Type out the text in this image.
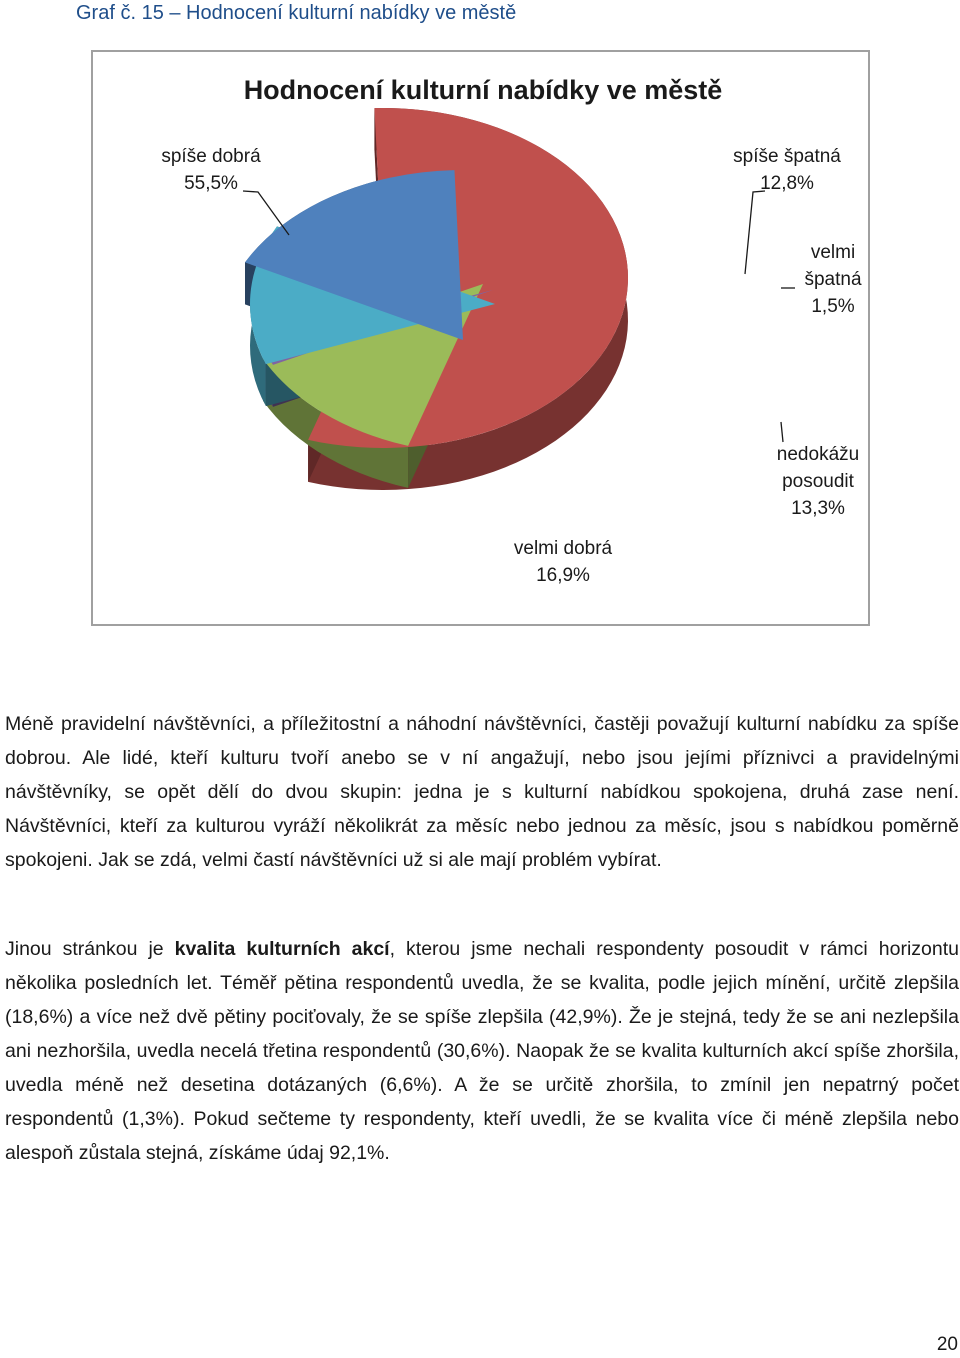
Graf č. 15 – Hodnocení kulturní nabídky ve městě
Hodnocení kulturní nabídky ve městě
spíše dobrá
55,5%
spíše špatná
12,8%
velmi
špatná
1,5%
nedokážu
posoudit
13,3%
velmi dobrá
16,9%

Méně pravidelní návštěvníci, a příležitostní a náhodní návštěvníci, častěji považují kulturní nabídku za spíše dobrou. Ale lidé, kteří kulturu tvoří anebo se v ní angažují, nebo jsou jejími příznivci a pravidelnými návštěvníky, se opět dělí do dvou skupin: jedna je s kulturní nabídkou spokojena, druhá zase není. Návštěvníci, kteří za kulturou vyráží několikrát za měsíc nebo jednou za měsíc, jsou s nabídkou poměrně spokojeni. Jak se zdá, velmi častí návštěvníci už si ale mají problém vybírat.

Jinou stránkou je kvalita kulturních akcí, kterou jsme nechali respondenty posoudit v rámci horizontu několika posledních let. Téměř pětina respondentů uvedla, že se kvalita, podle jejich mínění, určitě zlepšila (18,6%) a více než dvě pětiny pociťovaly, že se spíše zlepšila (42,9%). Že je stejná, tedy že se ani nezlepšila ani nezhoršila, uvedla necelá třetina respondentů (30,6%). Naopak že se kvalita kulturních akcí spíše zhoršila, uvedla méně než desetina dotázaných (6,6%). A že se určitě zhoršila, to zmínil jen nepatrný počet respondentů (1,3%). Pokud sečteme ty respondenty, kteří uvedli, že se kvalita více či méně zlepšila nebo alespoň zůstala stejná, získáme údaj 92,1%.

20
